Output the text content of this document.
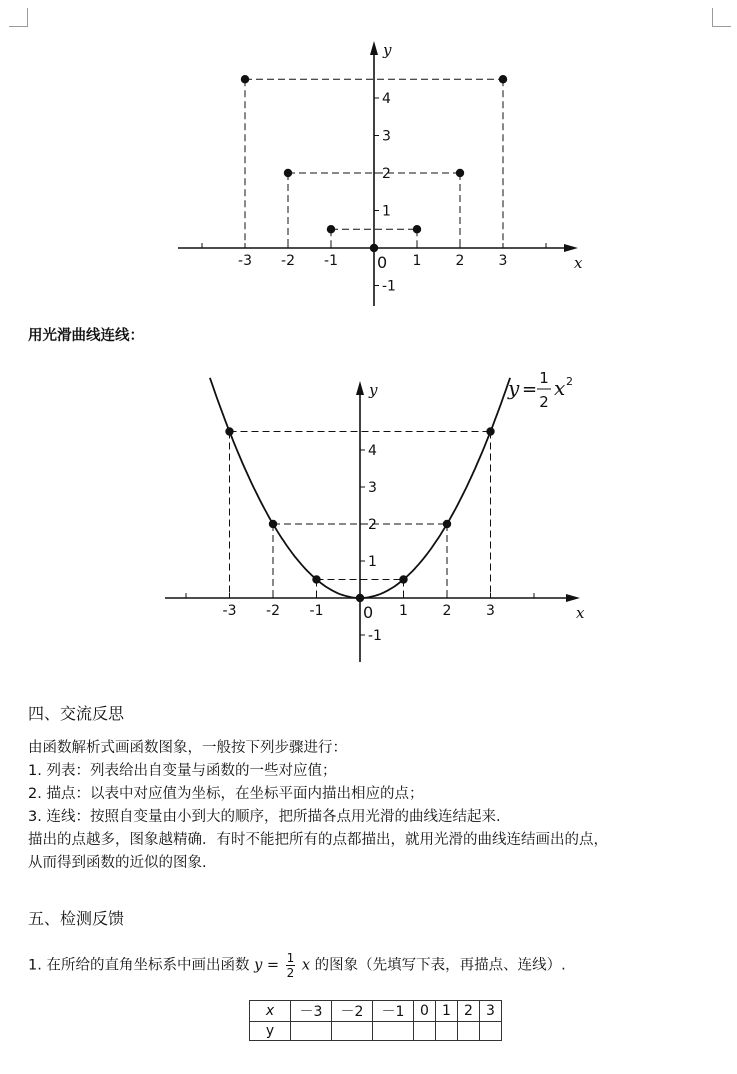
-3 -2 -1	1 2 3
1
2
3
4
-1
0	x
y
用光滑曲线连线：
-3 -2 -1	1 2 3
1
2
3
4
-1
0	x
y	y =
1
2
x 2
四、交流反思
由函数解析式画函数图象，一般按下列步骤进行：
1. 列表：列表给出自变量与函数的一些对应值；
2. 描点：以表中对应值为坐标，在坐标平面内描出相应的点；
3. 连线：按照自变量由小到大的顺序，把所描各点用光滑的曲线连结起来.
描出的点越多，图象越精确．有时不能把所有的点都描出，就用光滑的曲线连结画出的点，
从而得到函数的近似的图象.
五、检测反馈
1. 在所给的直角坐标系中画出函数 $y = \frac{1}{2}$ x 的图象（先填写下表，再描点、连线）.
x	－3	－2	－1	0	1	2	3
y							
